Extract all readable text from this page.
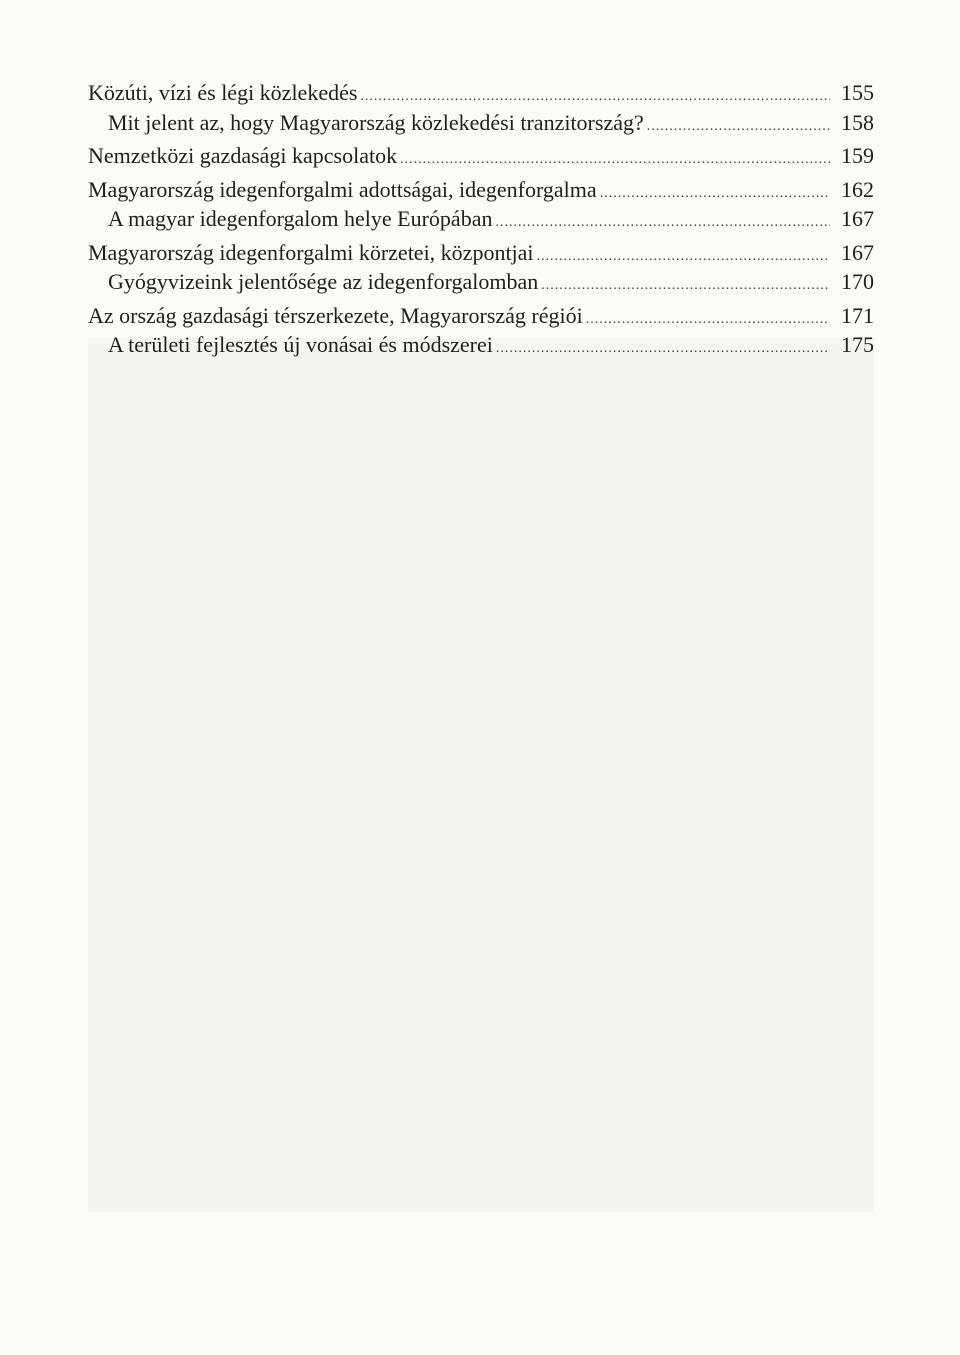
Közúti, vízi és légi közlekedés .....	155
Mit jelent az, hogy Magyarország közlekedési tranzitország? .....	158
Nemzetközi gazdasági kapcsolatok .....	159
Magyarország idegenforgalmi adottságai, idegenforgalma .....	162
A magyar idegenforgalom helye Európában .....	167
Magyarország idegenforgalmi körzetei, központjai .....	167
Gyógyvizeink jelentősége az idegenforgalomban .....	170
Az ország gazdasági térszerkezete, Magyarország régiói .....	171
A területi fejlesztés új vonásai és módszerei .....	175
